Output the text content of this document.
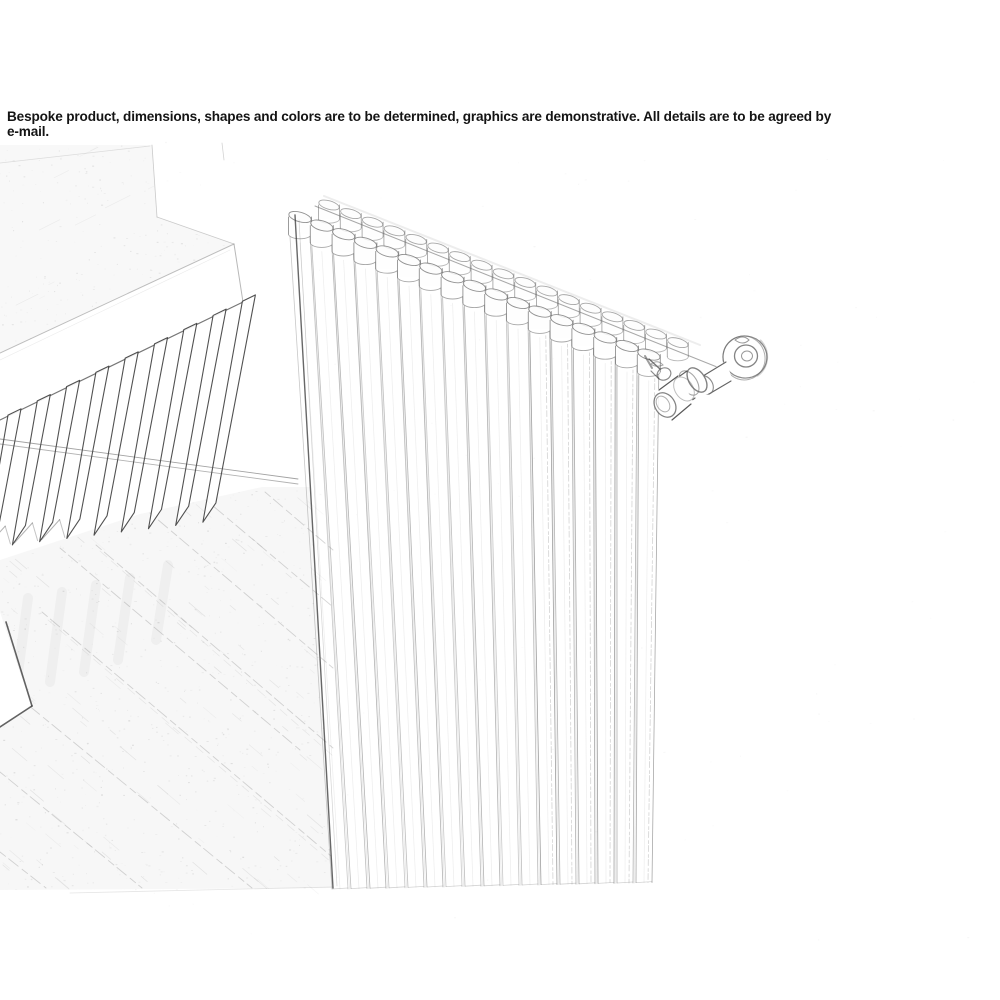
Bespoke product, dimensions, shapes and colors are to be determined, graphics are demonstrative. All details are to be agreed by
e-mail.
